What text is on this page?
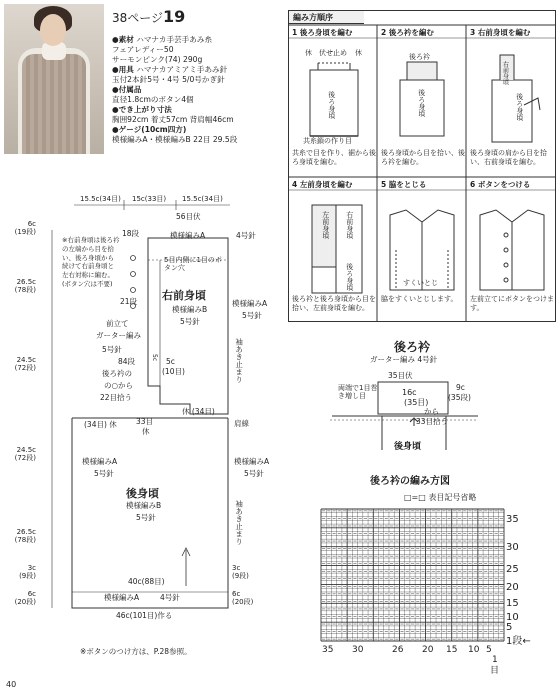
38ページ19
●素材 ハマナカ手芸手あみ糸
フェアレディー50
サーモンピンク(74) 290g
●用具 ハマナカアミアミ手あみ針
玉付2本針5号・4号 5/0号かぎ針
●付属品
直径1.8cmのボタン4個
●でき上がり寸法
胸囲92cm 着丈57cm 背肩幅46cm
●ゲージ(10cm四方)
模様編みA・模様編みB 22目 29.5段
編み方順序
1 後ろ身頃を編む	2 後ろ衿を編む	3 右前身頃を編む
4 左前身頃を編む	5 脇をとじる	6 ボタンをつける
休 伏せ止め 休
後ろ身頃
共糸鎖の作り目
共糸で目を作り、裾から後ろ身頃を編む。
後ろ衿
後ろ身頃
後ろ身頃から目を拾い、後ろ衿を編む。
右前身頃
後ろ身頃
後ろ身頃の肩から目を拾い、右前身頃を編む。
左前身頃 右前身頃
後ろ身頃
後ろ衿と後ろ身頃から目を拾い、左前身頃を編む。
すくいとじ
脇をすくいとじします。	左前立てにボタンをつけます。
15.5c(34目) 15c(33目) 15.5c(34目)
56目伏
模様編みA	4号針
※右前身頃は後ろ衿の左端から目を拾い、後ろ身頃から続けて右前身頃と左右対称に編む。(ボタン穴は不要)
18段
5目内側に1目のボタン穴
右前身頃
模様編みB
5号針
21段
前立て
ガーター編み
5号針
84段
後ろ衿の
の○から
22目拾う
模様編みA
5号針
袖あき止まり
6c
(19段)
26.5c
(78段)
24.5c
(72段)
24.5c
(72段)
26.5c
(78段)
3c
(9段)
6c
(20段)
5c
(10目)
5c
(34目) 休	33目
休
休 (34目)
肩線
模様編みA
5号針
後身頃
模様編みB
5号針
模様編みA
5号針
袖あき止まり
3c
(9段)
6c
(20段)
40c(88目)
模様編みA	4号針
46c(101目)作る
※ボタンのつけ方は、P.28参照。
40
後ろ衿
ガーター編み 4号針
35目伏
両端で1目巻き増し目	16c
(35目)
9c
(35段)
から
33目拾う
後身頃
後ろ衿の編み方図
□=□ 表目記号省略
35
30
25
20
15
10
5
1段←
35 30	26 20 15 10 5
1
目
